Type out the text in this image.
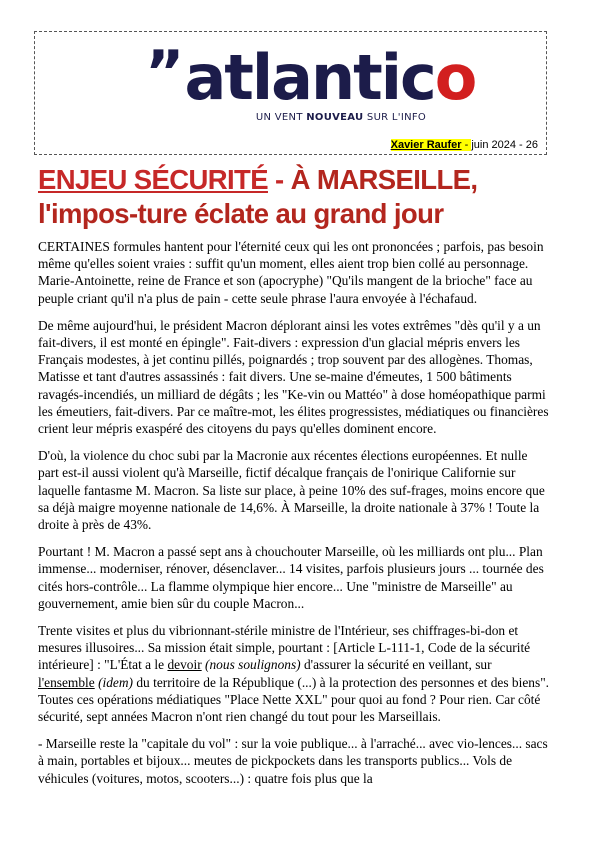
”atlantico
UN VENT NOUVEAU SUR L'INFO
Xavier Raufer - juin 2024 - 26
ENJEU SÉCURITÉ - À MARSEILLE, l'impos-ture éclate au grand jour

CERTAINES formules hantent pour l'éternité ceux qui les ont prononcées ; parfois, pas besoin même qu'elles soient vraies : suffit qu'un moment, elles aient trop bien collé au personnage. Marie-Antoinette, reine de France et son (apocryphe) "Qu'ils mangent de la brioche" face au peuple criant qu'il n'a plus de pain - cette seule phrase l'aura envoyée à l'échafaud.

De même aujourd'hui, le président Macron déplorant ainsi les votes extrêmes "dès qu'il y a un fait-divers, il est monté en épingle". Fait-divers : expression d'un glacial mépris envers les Français modestes, à jet continu pillés, poignardés ; trop souvent par des allogènes. Thomas, Matisse et tant d'autres assassinés : fait divers. Une se-maine d'émeutes, 1 500 bâtiments ravagés-incendiés, un milliard de dégâts ; les "Ke-vin ou Mattéo" à dose homéopathique parmi les émeutiers, fait-divers. Par ce maître-mot, les élites progressistes, médiatiques ou financières crient leur mépris exaspéré des citoyens du pays qu'elles dominent encore.

D'où, la violence du choc subi par la Macronie aux récentes élections européennes. Et nulle part est-il aussi violent qu'à Marseille, fictif décalque français de l'onirique Californie sur laquelle fantasme M. Macron. Sa liste sur place, à peine 10% des suf-frages, moins encore que sa déjà maigre moyenne nationale de 14,6%. À Marseille, la droite nationale à 37% ! Toute la droite à près de 43%.

Pourtant ! M. Macron a passé sept ans à chouchouter Marseille, où les milliards ont plu... Plan immense... moderniser, rénover, désenclaver... 14 visites, parfois plusieurs jours ... tournée des cités hors-contrôle... La flamme olympique hier encore... Une "ministre de Marseille" au gouvernement, amie bien sûr du couple Macron...

Trente visites et plus du vibrionnant-stérile ministre de l'Intérieur, ses chiffrages-bi-don et mesures illusoires... Sa mission était simple, pourtant : [Article L-111-1, Code de la sécurité intérieure] : "L'État a le devoir (nous soulignons) d'assurer la sécurité en veillant, sur l'ensemble (idem) du territoire de la République (...) à la protection des personnes et des biens". Toutes ces opérations médiatiques "Place Nette XXL" pour quoi au fond ? Pour rien. Car côté sécurité, sept années Macron n'ont rien changé du tout pour les Marseillais.

- Marseille reste la "capitale du vol" : sur la voie publique... à l'arraché... avec vio-lences... sacs à main, portables et bijoux... meutes de pickpockets dans les transports publics... Vols de véhicules (voitures, motos, scooters...) : quatre fois plus que la
